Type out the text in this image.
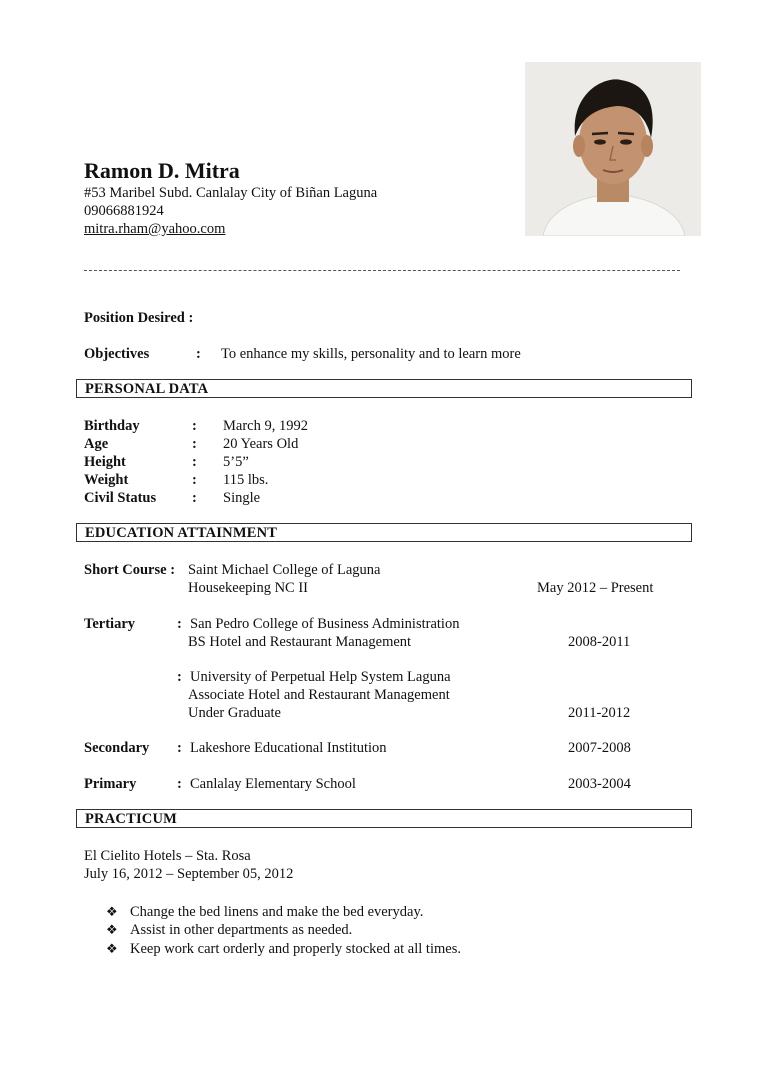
Ramon D. Mitra
#53 Maribel Subd. Canlalay City of Biñan Laguna
09066881924
mitra.rham@yahoo.com
Position Desired :
Objectives	: To enhance my skills, personality and to learn more
PERSONAL DATA
Birthday	: March 9, 1992
Age	: 20 Years Old
Height	: 5’5”
Weight	: 115 lbs.
Civil Status : Single
EDUCATION ATTAINMENT
Short Course : Saint Michael College of Laguna
Housekeeping NC II	May 2012 – Present
Tertiary	: San Pedro College of Business Administration
BS Hotel and Restaurant Management	2008-2011
: University of Perpetual Help System Laguna
Associate Hotel and Restaurant Management
Under Graduate	2011-2012
Secondary : Lakeshore Educational Institution	2007-2008
Primary	: Canlalay Elementary School	2003-2004
PRACTICUM
El Cielito Hotels – Sta. Rosa
July 16, 2012 – September 05, 2012
❖ Change the bed linens and make the bed everyday.
❖ Assist in other departments as needed.
❖ Keep work cart orderly and properly stocked at all times.
